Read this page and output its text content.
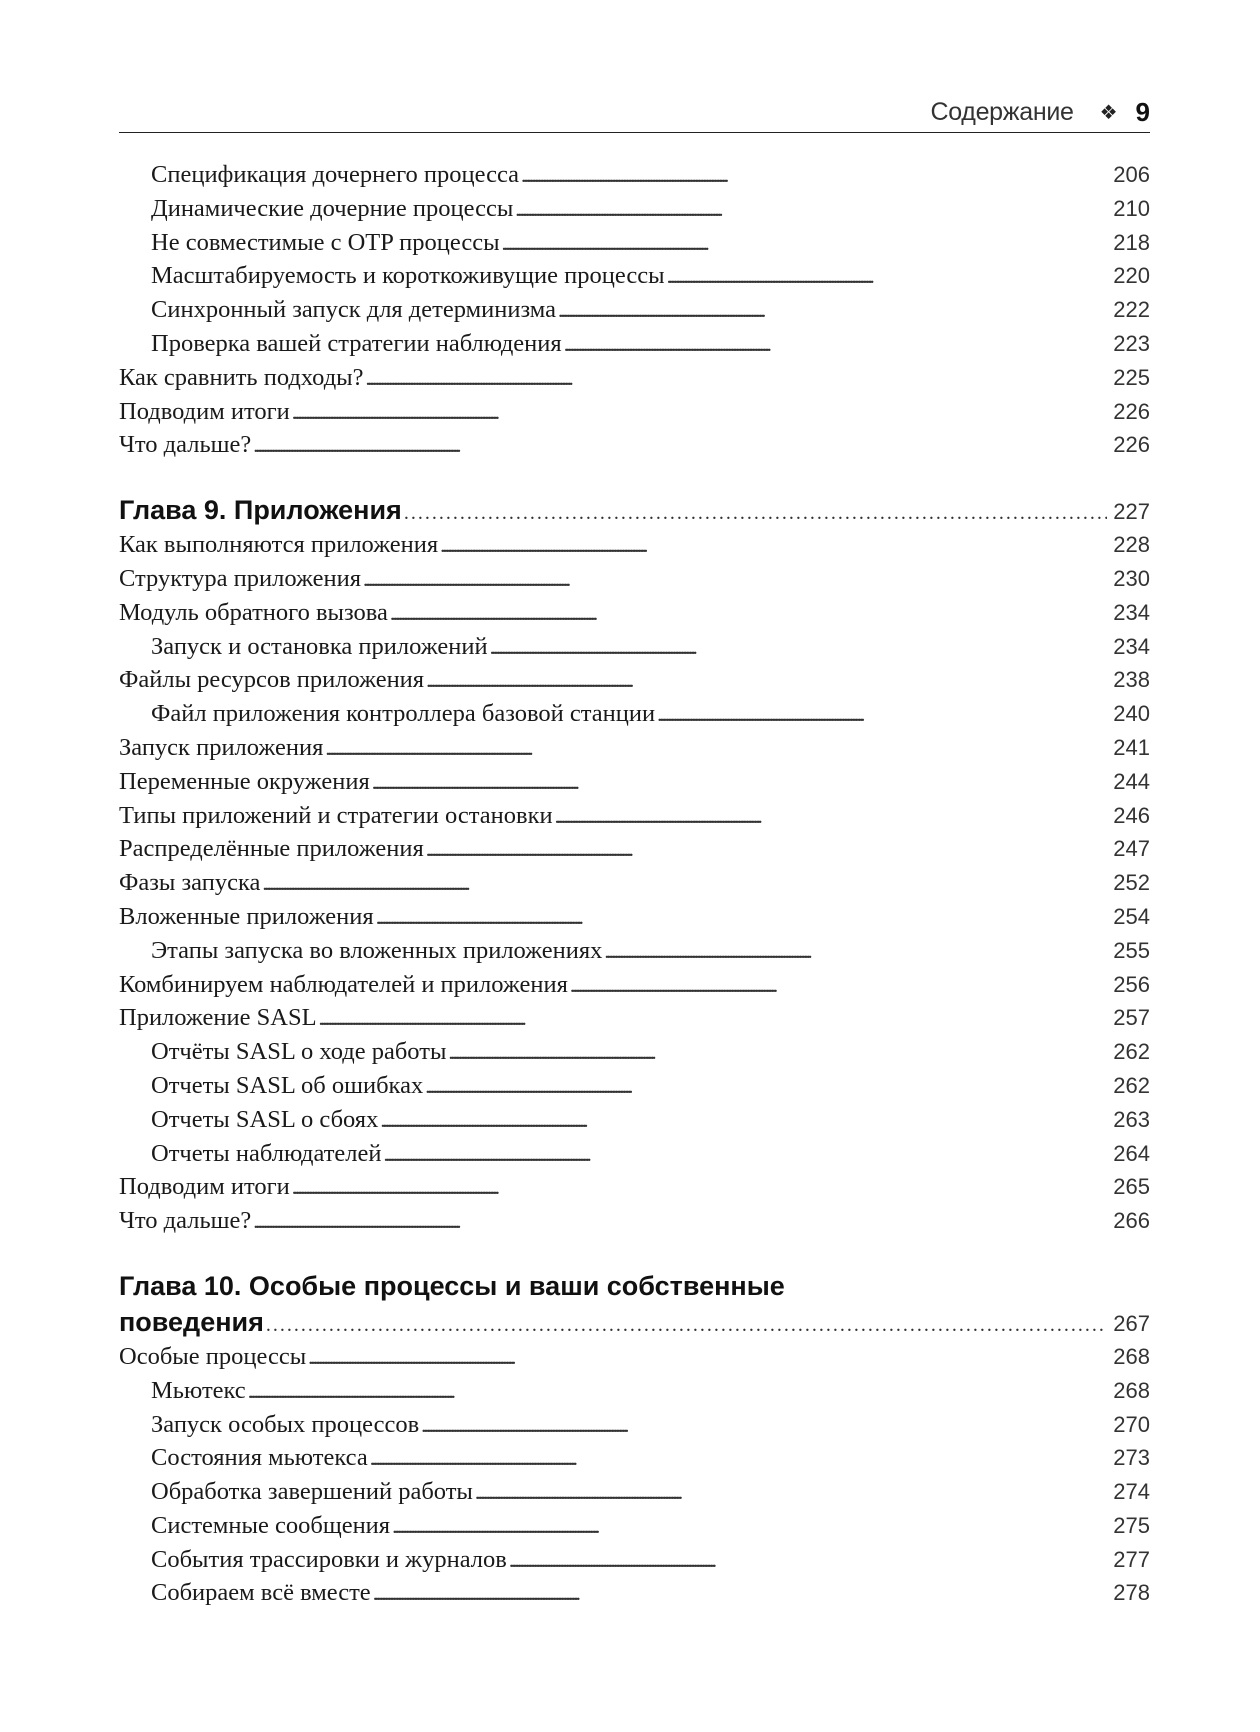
Содержание ❖ 9
Спецификация дочернего процесса . . .	206
Динамические дочерние процессы . . .	210
Не совместимые с OTP процессы . . .	218
Масштабируемость и короткоживущие процессы . . .	220
Синхронный запуск для детерминизма . . .	222
Проверка вашей стратегии наблюдения . . .	223
Как сравнить подходы? . . .	225
Подводим итоги . . .	226
Что дальше? . . .	226
Глава 9. Приложения . . .	227
Как выполняются приложения . . .	228
Структура приложения . . .	230
Модуль обратного вызова . . .	234
Запуск и остановка приложений . . .	234
Файлы ресурсов приложения . . .	238
Файл приложения контроллера базовой станции . . .	240
Запуск приложения . . .	241
Переменные окружения . . .	244
Типы приложений и стратегии остановки . . .	246
Распределённые приложения . . .	247
Фазы запуска . . .	252
Вложенные приложения . . .	254
Этапы запуска во вложенных приложениях . . .	255
Комбинируем наблюдателей и приложения . . .	256
Приложение SASL . . .	257
Отчёты SASL о ходе работы . . .	262
Отчеты SASL об ошибках . . .	262
Отчеты SASL о сбоях . . .	263
Отчеты наблюдателей . . .	264
Подводим итоги . . .	265
Что дальше? . . .	266
Глава 10. Особые процессы и ваши собственные
поведения . . .	267
Особые процессы . . .	268
Мьютекс . . .	268
Запуск особых процессов . . .	270
Состояния мьютекса . . .	273
Обработка завершений работы . . .	274
Системные сообщения . . .	275
События трассировки и журналов . . .	277
Собираем всё вместе . . .	278
